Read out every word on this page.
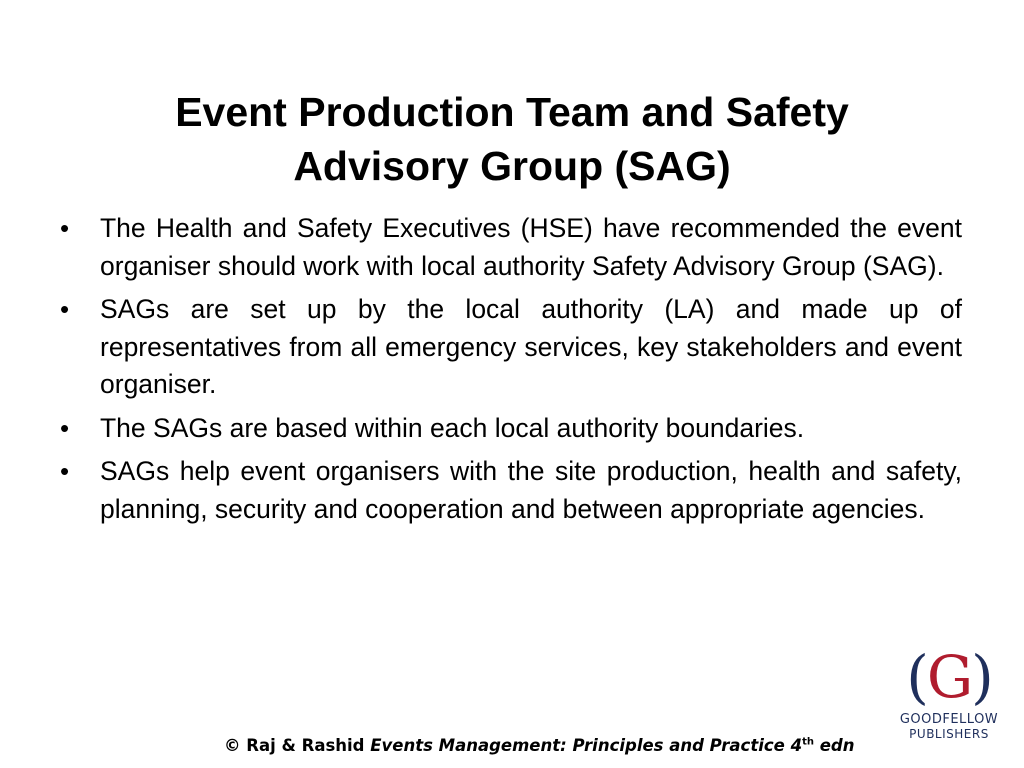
Event Production Team and Safety
Advisory Group (SAG)
• The Health and Safety Executives (HSE) have recommended the event organiser should work with local authority Safety Advisory Group (SAG).
• SAGs are set up by the local authority (LA) and made up of representatives from all emergency services, key stakeholders and event organiser.
• The SAGs are based within each local authority boundaries.
• SAGs help event organisers with the site production, health and safety, planning, security and cooperation and between appropriate agencies.
© Raj & Rashid Events Management: Principles and Practice 4th edn
(G)
GOODFELLOW
PUBLISHERS
